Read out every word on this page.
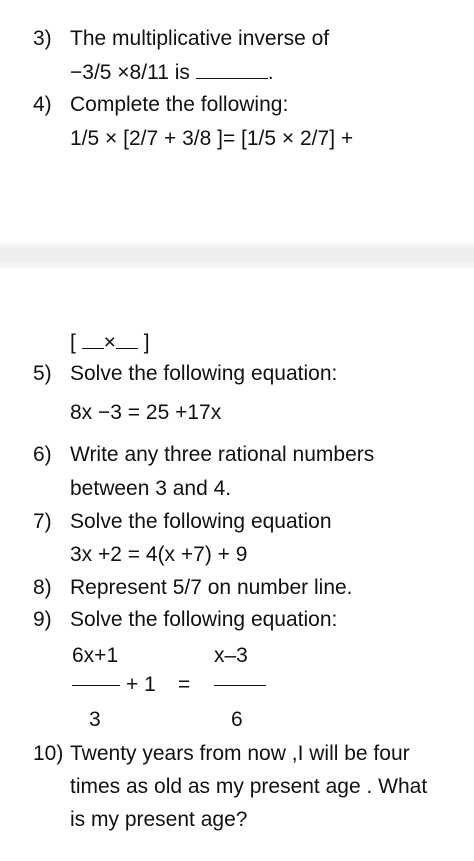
3) The multiplicative inverse of
−3/5 ×8/11 is	.
4) Complete the following:
1/5 × [2/7 + 3/8 ]= [1/5 × 2/7] +
[ × ]
5) Solve the following equation:
8x −3 = 25 +17x
6) Write any three rational numbers
between 3 and 4.
7) Solve the following equation
3x +2 = 4(x +7) + 9
8) Represent 5/7 on number line.
9) Solve the following equation:
6x+1
+ 1 =
3
x–3
6
10) Twenty years from now ,I will be four
times as old as my present age . What
is my present age?
